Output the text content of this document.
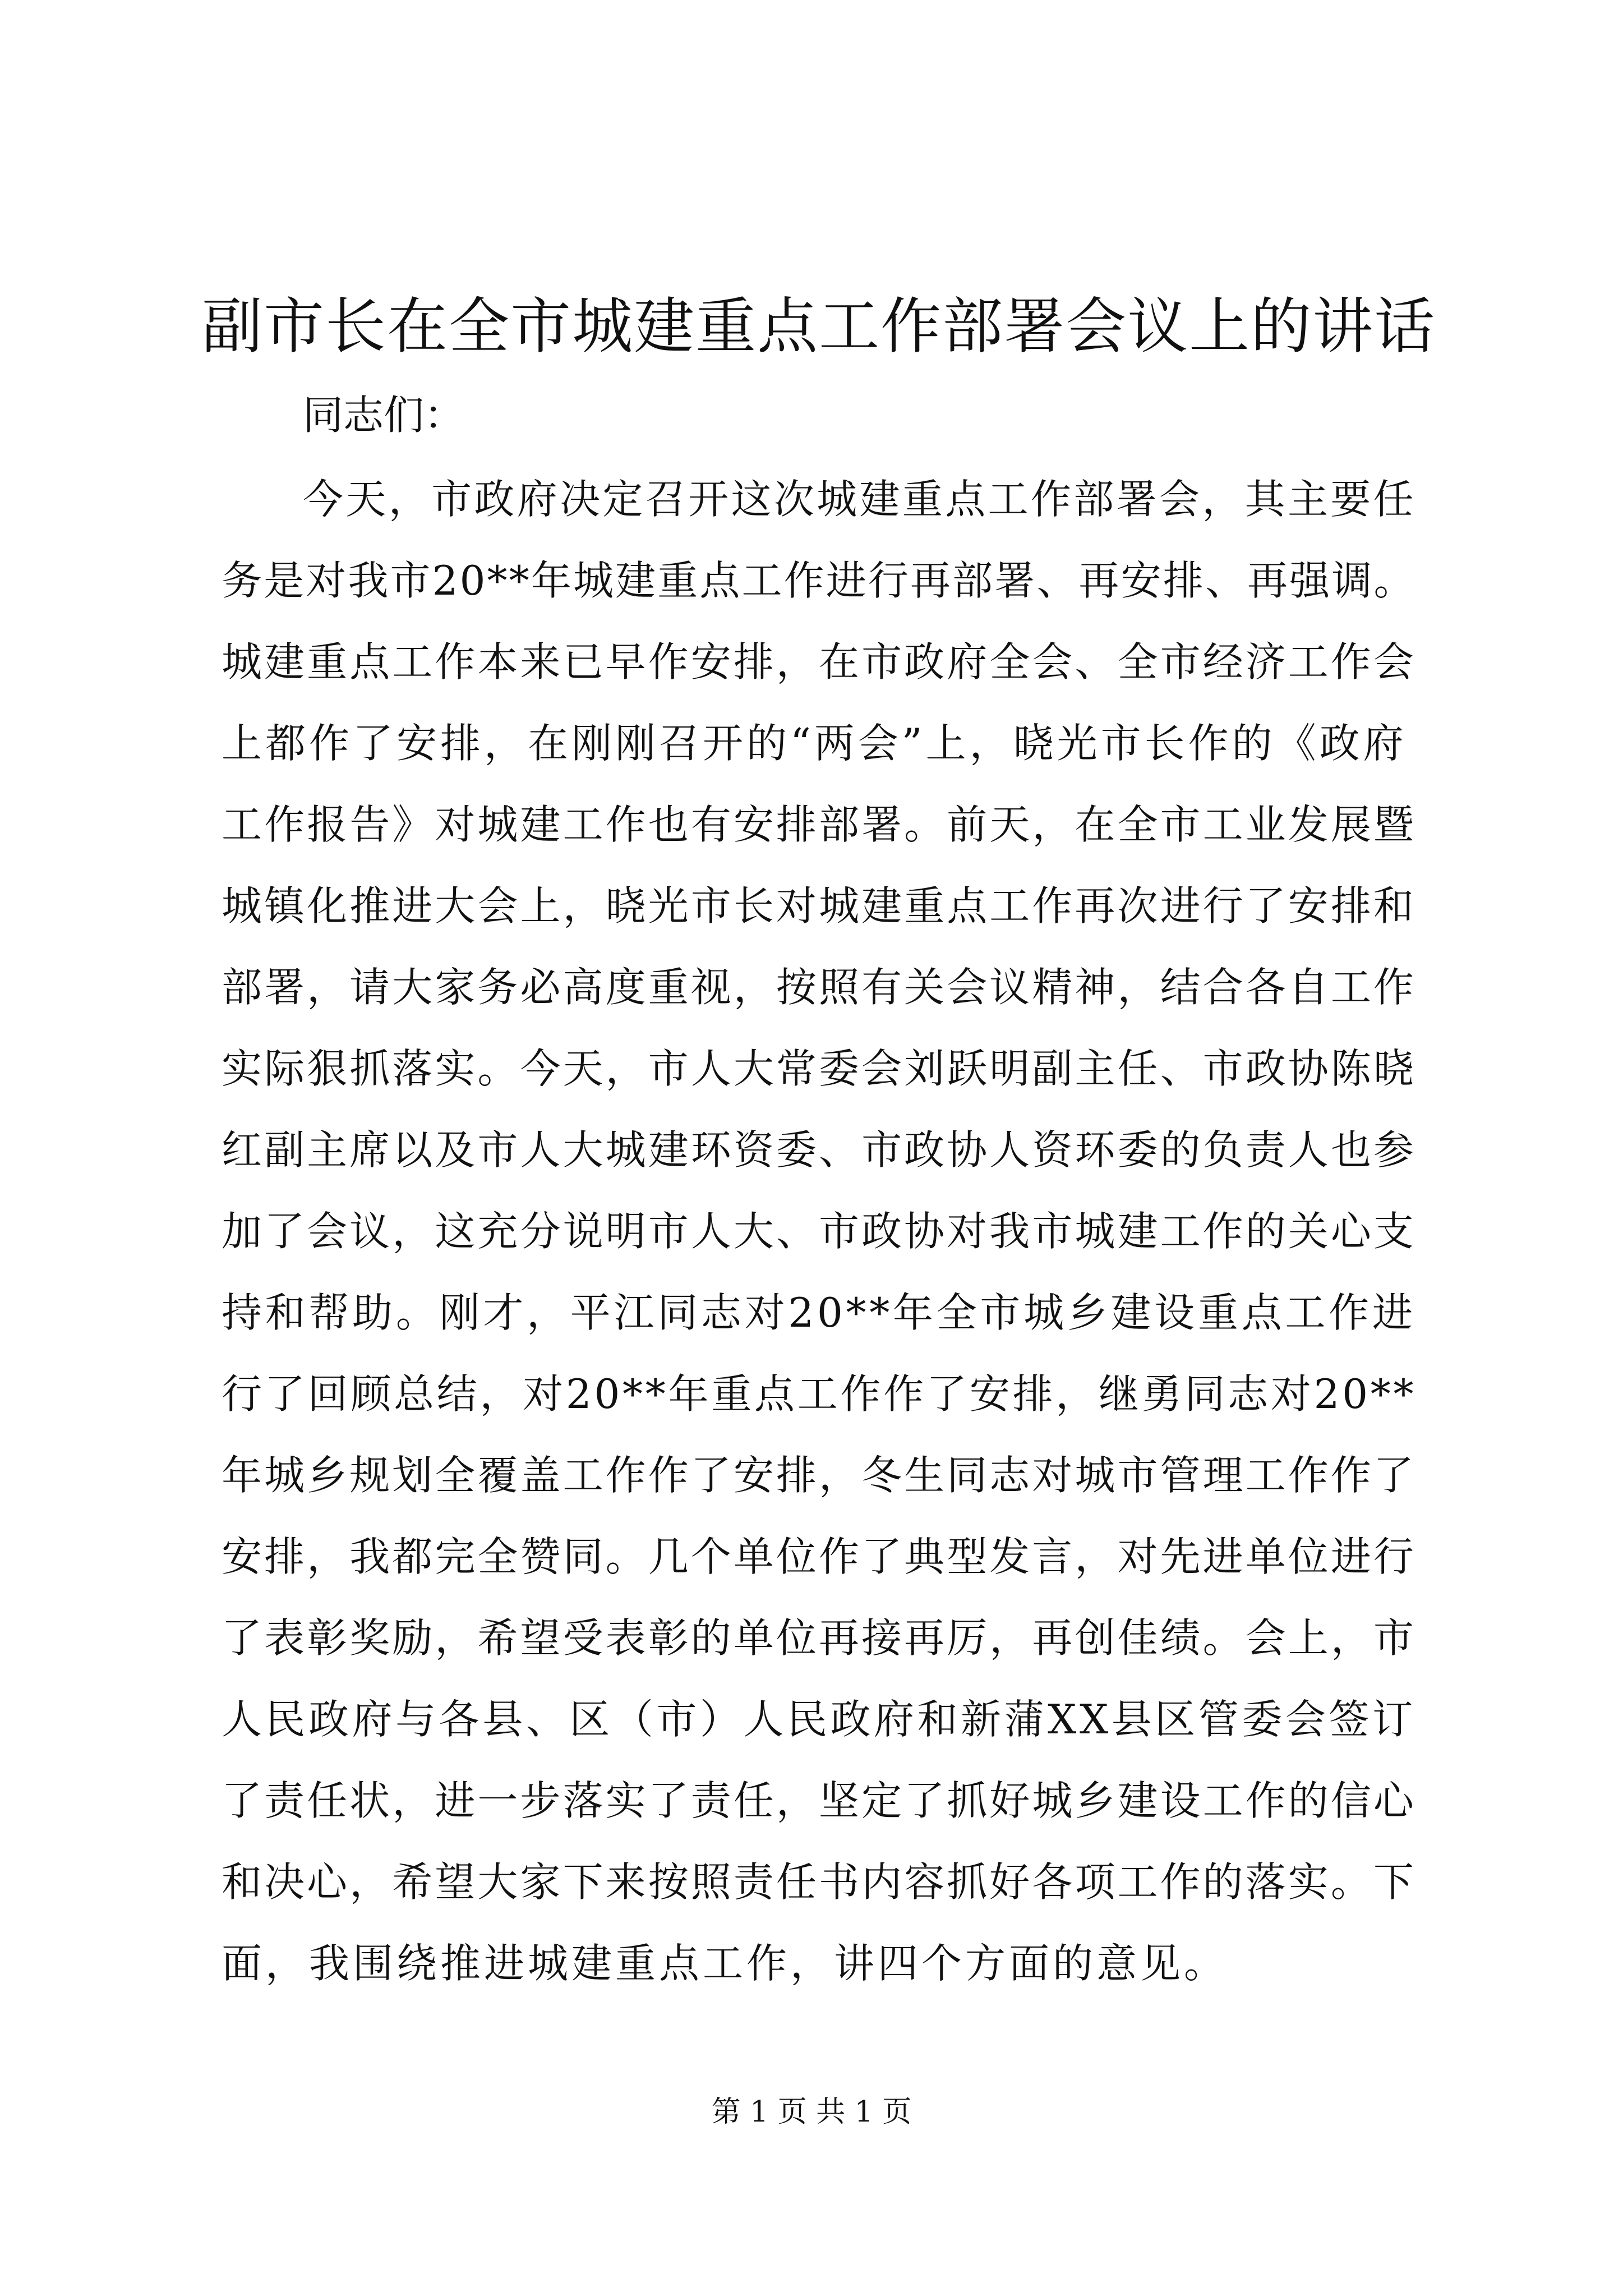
副市长在全市城建重点工作部署会议上的讲话

同志们：

今天，市政府决定召开这次城建重点工作部署会，其主要任

务是对我市20**年城建重点工作进行再部署、再安排、再强调。

城建重点工作本来已早作安排，在市政府全会、全市经济工作会

上都作了安排，在刚刚召开的“两会”上，晓光市长作的《政府

工作报告》对城建工作也有安排部署。前天，在全市工业发展暨

城镇化推进大会上，晓光市长对城建重点工作再次进行了安排和

部署，请大家务必高度重视，按照有关会议精神，结合各自工作

实际狠抓落实。今天，市人大常委会刘跃明副主任、市政协陈晓

红副主席以及市人大城建环资委、市政协人资环委的负责人也参

加了会议，这充分说明市人大、市政协对我市城建工作的关心支

持和帮助。刚才，平江同志对20**年全市城乡建设重点工作进

行了回顾总结，对20**年重点工作作了安排，继勇同志对20**

年城乡规划全覆盖工作作了安排，冬生同志对城市管理工作作了

安排，我都完全赞同。几个单位作了典型发言，对先进单位进行

了表彰奖励，希望受表彰的单位再接再厉，再创佳绩。会上，市

人民政府与各县、区（市）人民政府和新蒲XX县区管委会签订

了责任状，进一步落实了责任，坚定了抓好城乡建设工作的信心

和决心，希望大家下来按照责任书内容抓好各项工作的落实。下

面，我围绕推进城建重点工作，讲四个方面的意见。

第 1 页 共 1 页
